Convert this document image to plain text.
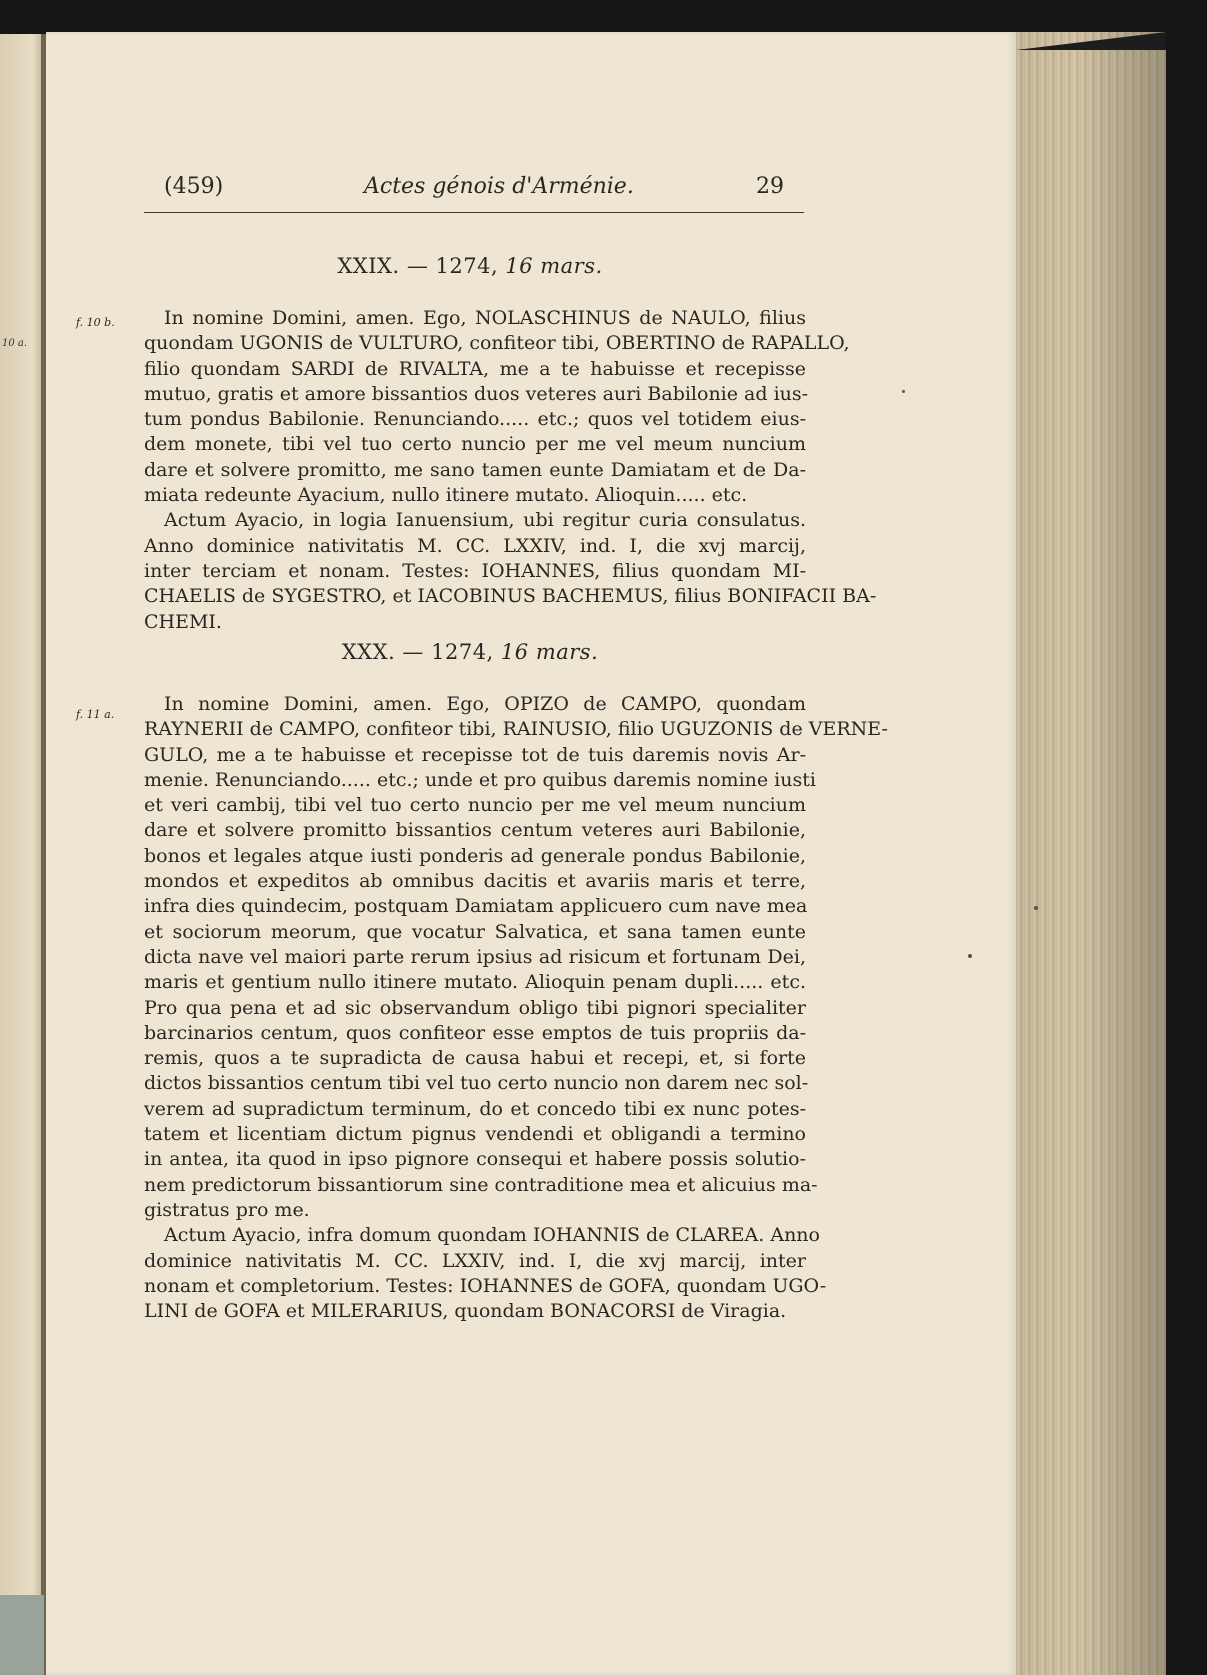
10 a.
(459)	Actes génois d'Arménie.	29
XXIX. — 1274, 16 mars.
f. 10 b.	In nomine Domini, amen. Ego, NOLASCHINUS de NAULO, filius
quondam UGONIS de VULTURO, confiteor tibi, OBERTINO de RAPALLO,
filio quondam SARDI de RIVALTA, me a te habuisse et recepisse
mutuo, gratis et amore bissantios duos veteres auri Babilonie ad ius-
tum pondus Babilonie. Renunciando..... etc.; quos vel totidem eius-
dem monete, tibi vel tuo certo nuncio per me vel meum nuncium
dare et solvere promitto, me sano tamen eunte Damiatam et de Da-
miata redeunte Ayacium, nullo itinere mutato. Alioquin..... etc.
Actum Ayacio, in logia Ianuensium, ubi regitur curia consulatus.
Anno dominice nativitatis M. CC. LXXIV, ind. I, die xvj marcij,
inter terciam et nonam. Testes: IOHANNES, filius quondam MI-
CHAELIS de SYGESTRO, et IACOBINUS BACHEMUS, filius BONIFACII BA-
CHEMI.
XXX. — 1274, 16 mars.
f. 11 a.	In nomine Domini, amen. Ego, OPIZO de CAMPO, quondam
RAYNERII de CAMPO, confiteor tibi, RAINUSIO, filio UGUZONIS de VERNE-
GULO, me a te habuisse et recepisse tot de tuis daremis novis Ar-
menie. Renunciando..... etc.; unde et pro quibus daremis nomine iusti
et veri cambij, tibi vel tuo certo nuncio per me vel meum nuncium
dare et solvere promitto bissantios centum veteres auri Babilonie,
bonos et legales atque iusti ponderis ad generale pondus Babilonie,
mondos et expeditos ab omnibus dacitis et avariis maris et terre,
infra dies quindecim, postquam Damiatam applicuero cum nave mea
et sociorum meorum, que vocatur Salvatica, et sana tamen eunte
dicta nave vel maiori parte rerum ipsius ad risicum et fortunam Dei,
maris et gentium nullo itinere mutato. Alioquin penam dupli..... etc.
Pro qua pena et ad sic observandum obligo tibi pignori specialiter
barcinarios centum, quos confiteor esse emptos de tuis propriis da-
remis, quos a te supradicta de causa habui et recepi, et, si forte
dictos bissantios centum tibi vel tuo certo nuncio non darem nec sol-
verem ad supradictum terminum, do et concedo tibi ex nunc potes-
tatem et licentiam dictum pignus vendendi et obligandi a termino
in antea, ita quod in ipso pignore consequi et habere possis solutio-
nem predictorum bissantiorum sine contraditione mea et alicuius ma-
gistratus pro me.
Actum Ayacio, infra domum quondam IOHANNIS de CLAREA. Anno
dominice nativitatis M. CC. LXXIV, ind. I, die xvj marcij, inter
nonam et completorium. Testes: IOHANNES de GOFA, quondam UGO-
LINI de GOFA et MILERARIUS, quondam BONACORSI de Viragia.
